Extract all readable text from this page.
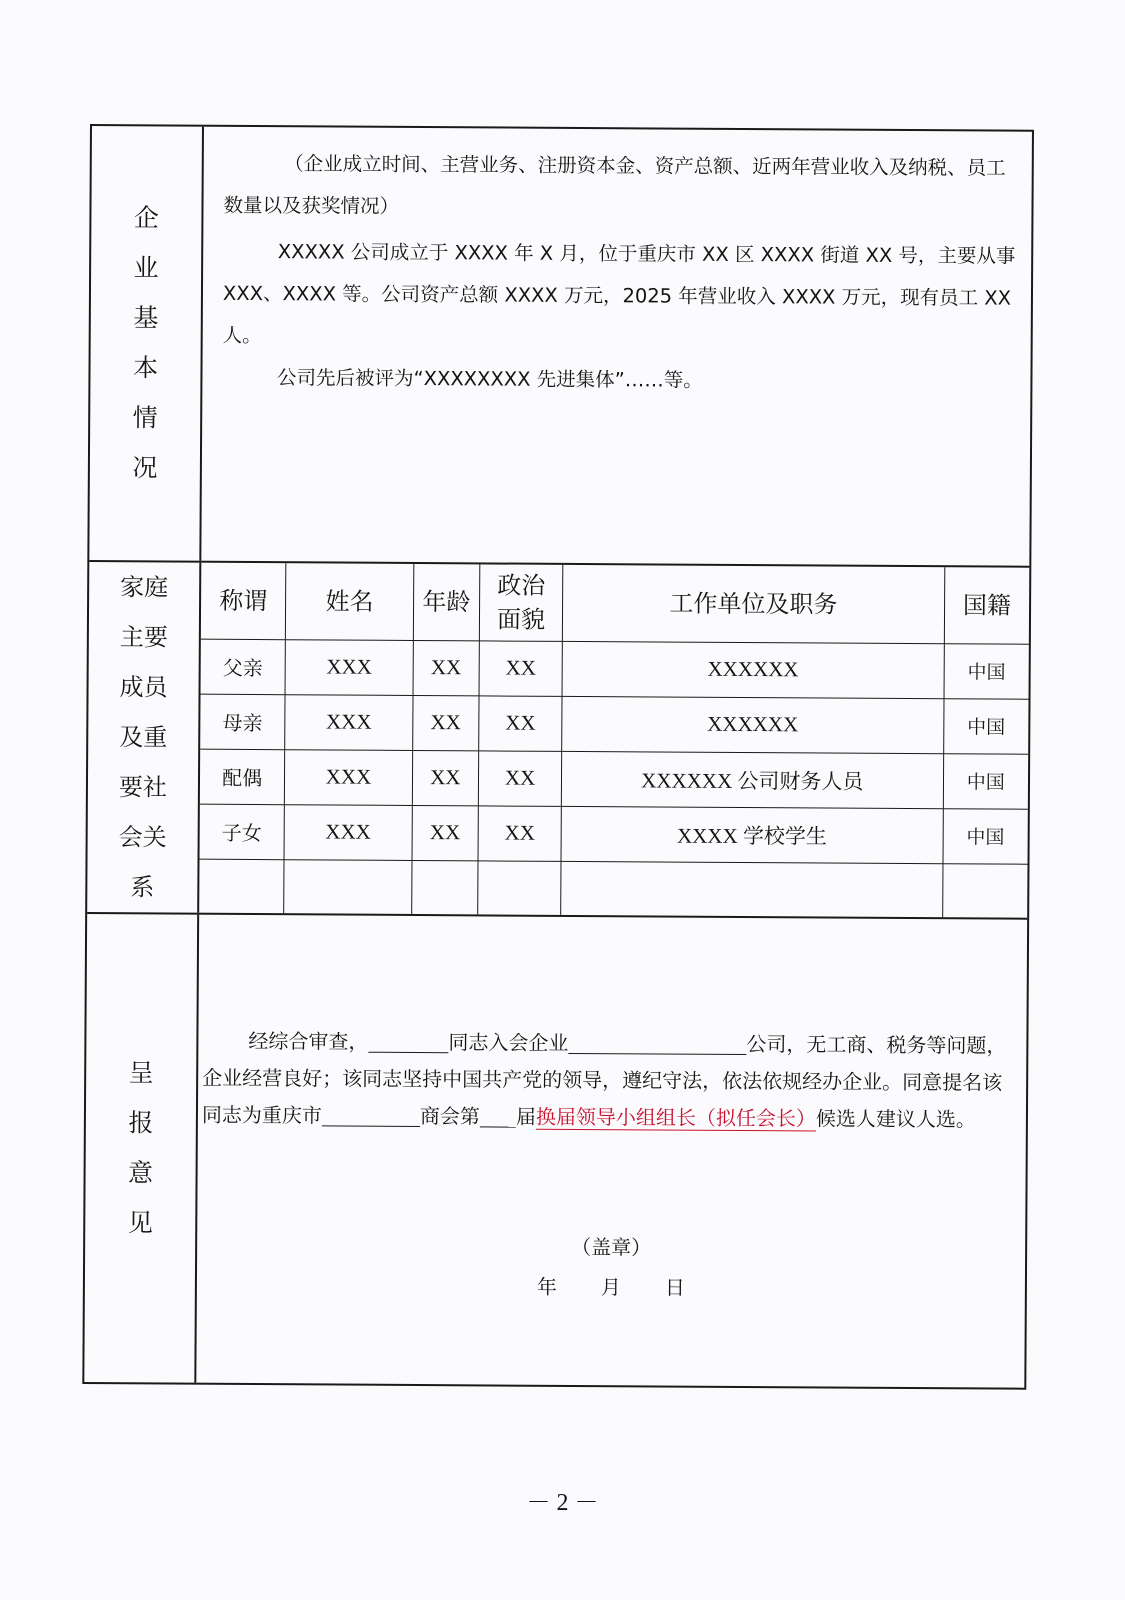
企
业
基
本
情
况

（企业成立时间、主营业务、注册资本金、资产总额、近两年营业收入及纳税、员工数量以及获奖情况）

XXXXX 公司成立于 XXXX 年 X 月，位于重庆市 XX 区 XXXX 街道 XX 号，主要从事 XXX、XXXX 等。公司资产总额 XXXX 万元，2025 年营业收入 XXXX 万元，现有员工 XX 人。

公司先后被评为“XXXXXXXX 先进集体”……等。

家庭
主要
成员
及重
要社
会关
系
称谓	姓名	年龄	政治面貌	工作单位及职务	国籍
父亲	XXX	XX	XX	XXXXXX	中国
母亲	XXX	XX	XX	XXXXXX	中国
配偶	XXX	XX	XX	XXXXXX 公司财务人员	中国
子女	XXX	XX	XX	XXXX 学校学生	中国

呈
报
意
见
经综合审查，	同志入会企业	公司，无工商、税务等问题，企业经营良好；该同志坚持中国共产党的领导，遵纪守法，依法依规经办企业。同意提名该同志为重庆市	商会第 届换届领导小组组长（拟任会长）候选人建议人选。
（盖章）
年 月 日
－ 2 －
